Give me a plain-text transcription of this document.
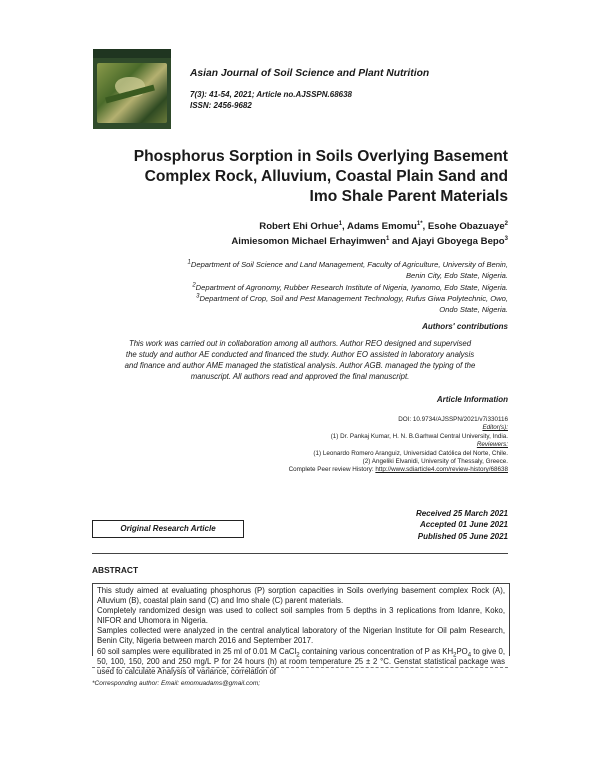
Asian Journal of Soil Science and Plant Nutrition
7(3): 41-54, 2021; Article no.AJSSPN.68638
ISSN: 2456-9682
Phosphorus Sorption in Soils Overlying Basement
Complex Rock, Alluvium, Coastal Plain Sand and
Imo Shale Parent Materials
Robert Ehi Orhue$^1$, Adams Emomu$^{1*}$, Esohe Obazuaye$^2$
Aimiesomon Michael Erhayimwen$^1$ and Ajayi Gboyega Bepo$^3$
$^1$Department of Soil Science and Land Management, Faculty of Agriculture, University of Benin,
Benin City, Edo State, Nigeria.
$^2$Department of Agronomy, Rubber Research Institute of Nigeria, Iyanomo, Edo State, Nigeria.
$^3$Department of Crop, Soil and Pest Management Technology, Rufus Giwa Polytechnic, Owo,
Ondo State, Nigeria.
Authors' contributions
This work was carried out in collaboration among all authors. Author REO designed and supervised
the study and author AE conducted and financed the study. Author EO assisted in laboratory analysis
and finance and author AME managed the statistical analysis. Author AGB. managed the typing of the
manuscript. All authors read and approved the final manuscript.
Article Information
DOI: 10.9734/AJSSPN/2021/v7i330116
Editor(s):
(1) Dr. Pankaj Kumar, H. N. B.Garhwal Central University, India.
Reviewers:
(1) Leonardo Romero Aranguiz, Universidad Católica del Norte, Chile.
(2) Angeliki Elvanidi, University of Thessaly, Greece.
Complete Peer review History: http://www.sdiarticle4.com/review-history/68638
Received 25 March 2021
Accepted 01 June 2021
Published 05 June 2021
Original Research Article
ABSTRACT

This study aimed at evaluating phosphorus (P) sorption capacities in Soils overlying basement complex Rock (A), Alluvium (B), coastal plain sand (C) and Imo shale (C) parent materials.

Completely randomized design was used to collect soil samples from 5 depths in 3 replications from Idanre, Koko, NIFOR and Uhomora in Nigeria.

Samples collected were analyzed in the central analytical laboratory of the Nigerian Institute for Oil palm Research, Benin City, Nigeria between march 2016 and September 2017.

60 soil samples were equilibrated in 25 ml of 0.01 M CaCl$_2$ containing various concentration of P as $KH_2PO_4$ to give 0, 50, 100, 150, 200 and 250 mg/L P for 24 hours (h) at room temperature 25 ± 2 °C. Genstat statistical package was used to calculate Analysis of variance, correlation of

*Corresponding author: Email: emomuadams@gmail.com;
